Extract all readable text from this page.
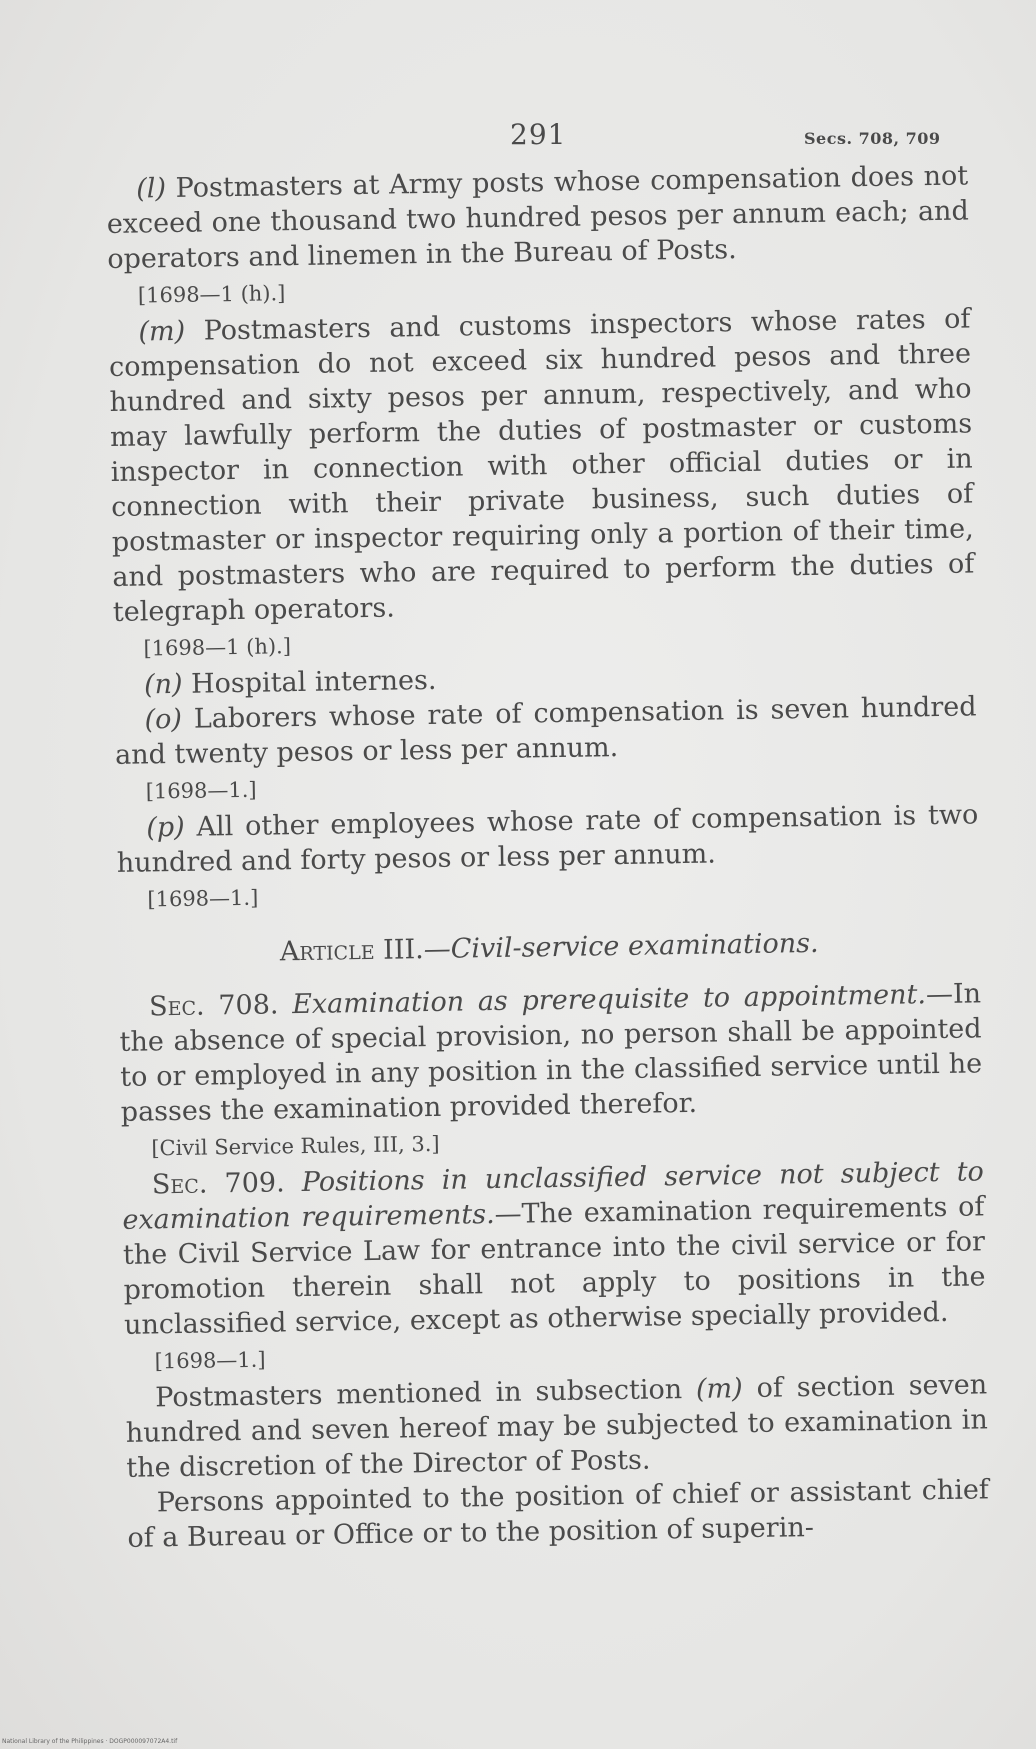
291	Secs. 708, 709

(l) Postmasters at Army posts whose compensation does not exceed one thousand two hundred pesos per annum each; and operators and linemen in the Bureau of Posts.

[1698—1 (h).]

(m) Postmasters and customs inspectors whose rates of compensation do not exceed six hundred pesos and three hundred and sixty pesos per annum, respectively, and who may lawfully perform the duties of postmaster or customs inspector in connection with other official duties or in connection with their private business, such duties of postmaster or inspector requiring only a portion of their time, and postmasters who are required to perform the duties of telegraph operators.

[1698—1 (h).]

(n) Hospital internes.

(o) Laborers whose rate of compensation is seven hundred and twenty pesos or less per annum.

[1698—1.]

(p) All other employees whose rate of compensation is two hundred and forty pesos or less per annum.

[1698—1.]

Article III.—Civil-service examinations.

Sec. 708. Examination as prerequisite to appointment.—In the absence of special provision, no person shall be appointed to or employed in any position in the classified service until he passes the examination provided therefor.

[Civil Service Rules, III, 3.]

Sec. 709. Positions in unclassified service not subject to examination requirements.—The examination requirements of the Civil Service Law for entrance into the civil service or for promotion therein shall not apply to positions in the unclassified service, except as otherwise specially provided.

[1698—1.]

Postmasters mentioned in subsection (m) of section seven hundred and seven hereof may be subjected to examination in the discretion of the Director of Posts.

Persons appointed to the position of chief or assistant chief of a Bureau or Office or to the position of superin-

National Library of the Philippines · DOGP000097072A4.tif
